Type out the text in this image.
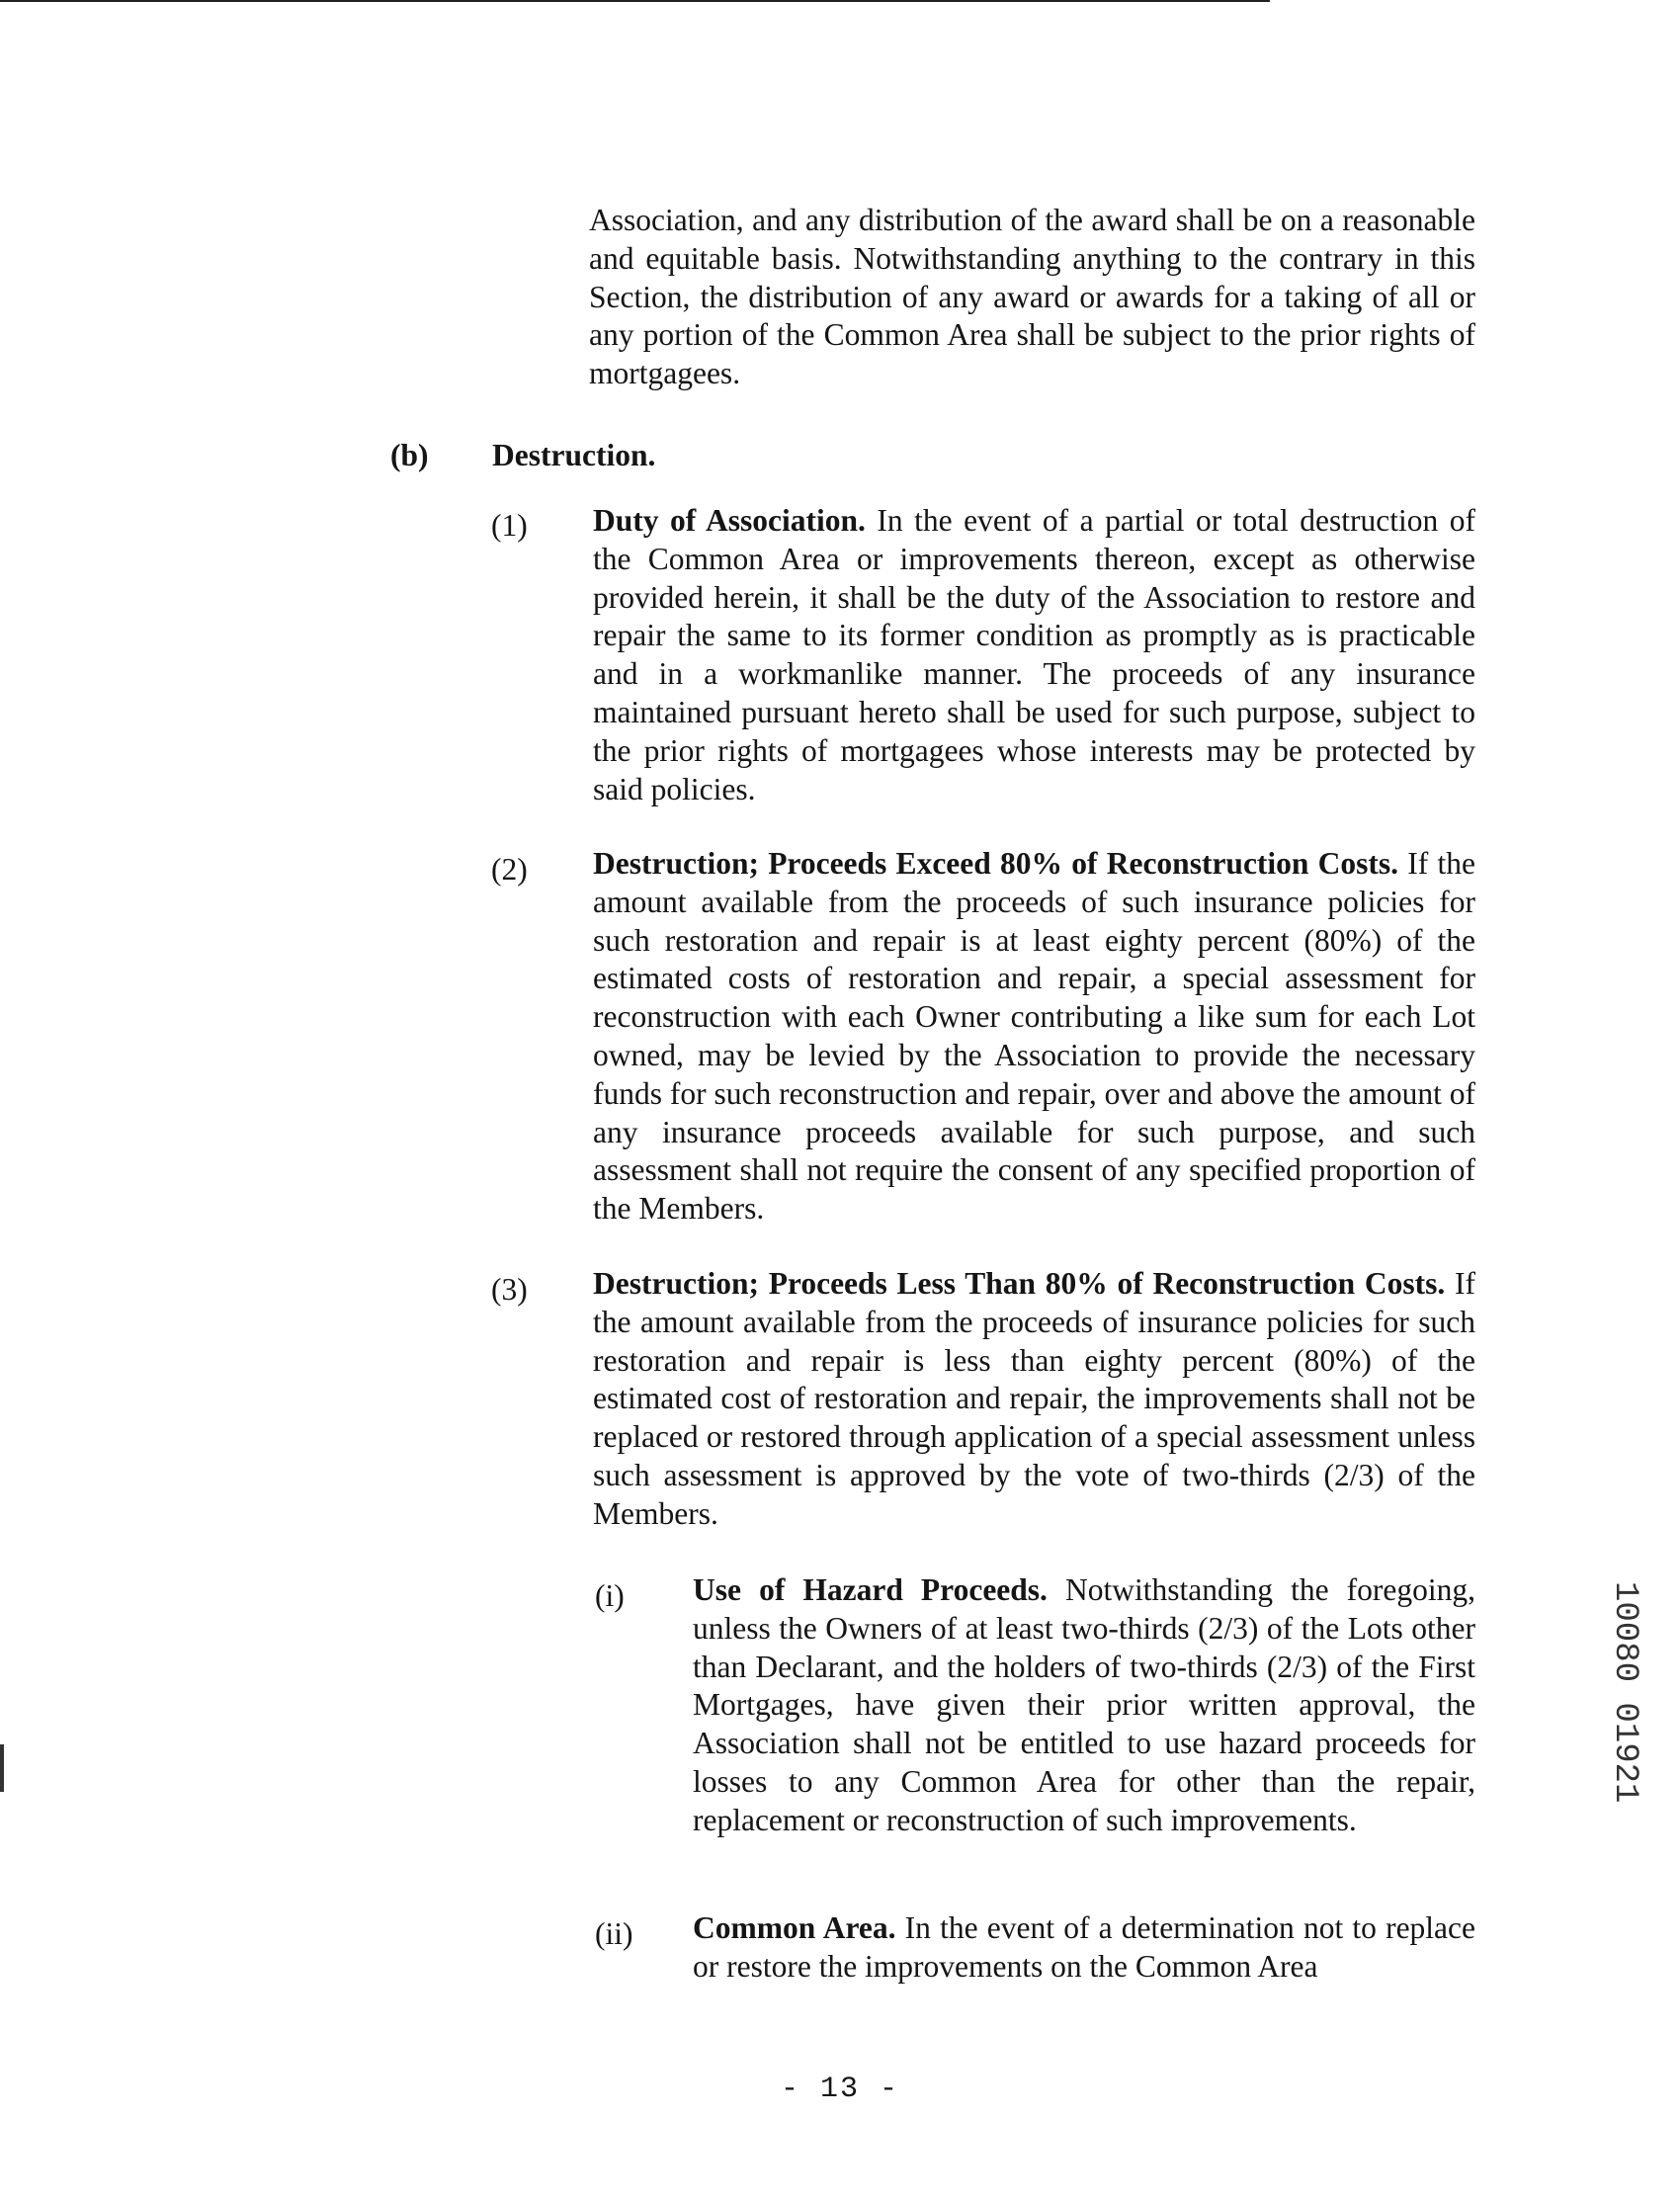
Association, and any distribution of the award shall be on a reasonable and equitable basis. Notwithstanding anything to the contrary in this Section, the distribution of any award or awards for a taking of all or any portion of the Common Area shall be subject to the prior rights of mortgagees.
(b) Destruction.
(1) Duty of Association. In the event of a partial or total destruction of the Common Area or improvements thereon, except as otherwise provided herein, it shall be the duty of the Association to restore and repair the same to its former condition as promptly as is practicable and in a workmanlike manner. The proceeds of any insurance maintained pursuant hereto shall be used for such purpose, subject to the prior rights of mortgagees whose interests may be protected by said policies.
(2) Destruction; Proceeds Exceed 80% of Reconstruction Costs. If the amount available from the proceeds of such insurance policies for such restoration and repair is at least eighty percent (80%) of the estimated costs of restoration and repair, a special assessment for reconstruction with each Owner contributing a like sum for each Lot owned, may be levied by the Association to provide the necessary funds for such reconstruction and repair, over and above the amount of any insurance proceeds available for such purpose, and such assessment shall not require the consent of any specified proportion of the Members.
(3) Destruction; Proceeds Less Than 80% of Reconstruction Costs. If the amount available from the proceeds of insurance policies for such restoration and repair is less than eighty percent (80%) of the estimated cost of restoration and repair, the improvements shall not be replaced or restored through application of a special assessment unless such assessment is approved by the vote of two-thirds (2/3) of the Members.
(i) Use of Hazard Proceeds. Notwithstanding the foregoing, unless the Owners of at least two-thirds (2/3) of the Lots other than Declarant, and the holders of two-thirds (2/3) of the First Mortgages, have given their prior written approval, the Association shall not be entitled to use hazard proceeds for losses to any Common Area for other than the repair, replacement or reconstruction of such improvements.
(ii) Common Area. In the event of a determination not to replace or restore the improvements on the Common Area
10080 01921
- 13 -
